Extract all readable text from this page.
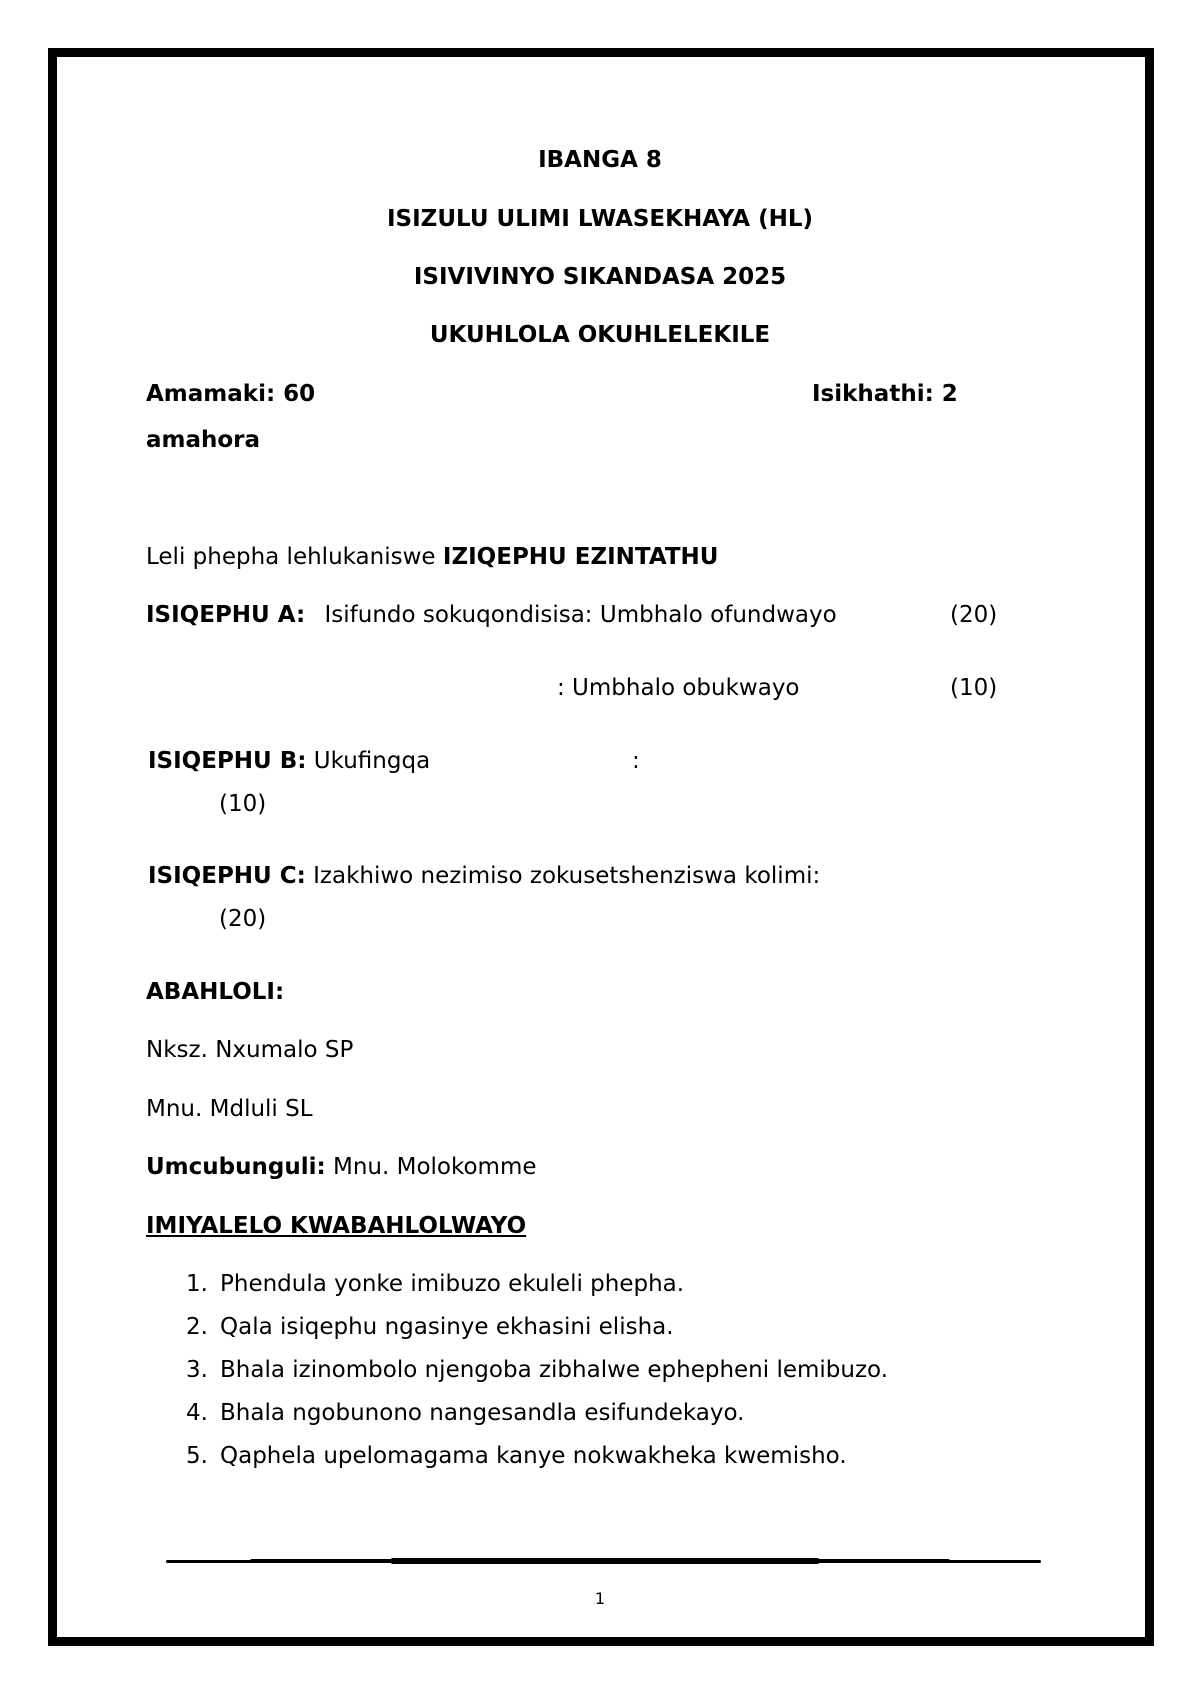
IBANGA 8
ISIZULU ULIMI LWASEKHAYA (HL)
ISIVIVINYO SIKANDASA 2025
UKUHLOLA OKUHLELEKILE
Amamaki: 60	Isikhathi: 2
amahora
Leli phepha lehlukaniswe IZIQEPHU EZINTATHU
ISIQEPHU A: Isifundo sokuqondisisa: Umbhalo ofundwayo	(20)
: Umbhalo obukwayo	(10)
ISIQEPHU B: Ukufingqa	:
(10)
ISIQEPHU C: Izakhiwo nezimiso zokusetshenziswa kolimi:
(20)
ABAHLOLI:
Nksz. Nxumalo SP
Mnu. Mdluli SL
Umcubunguli: Mnu. Molokomme
IMIYALELO KWABAHLOLWAYO
1. Phendula yonke imibuzo ekuleli phepha.
2. Qala isiqephu ngasinye ekhasini elisha.
3. Bhala izinombolo njengoba zibhalwe ephepheni lemibuzo.
4. Bhala ngobunono nangesandla esifundekayo.
5. Qaphela upelomagama kanye nokwakheka kwemisho.
1
